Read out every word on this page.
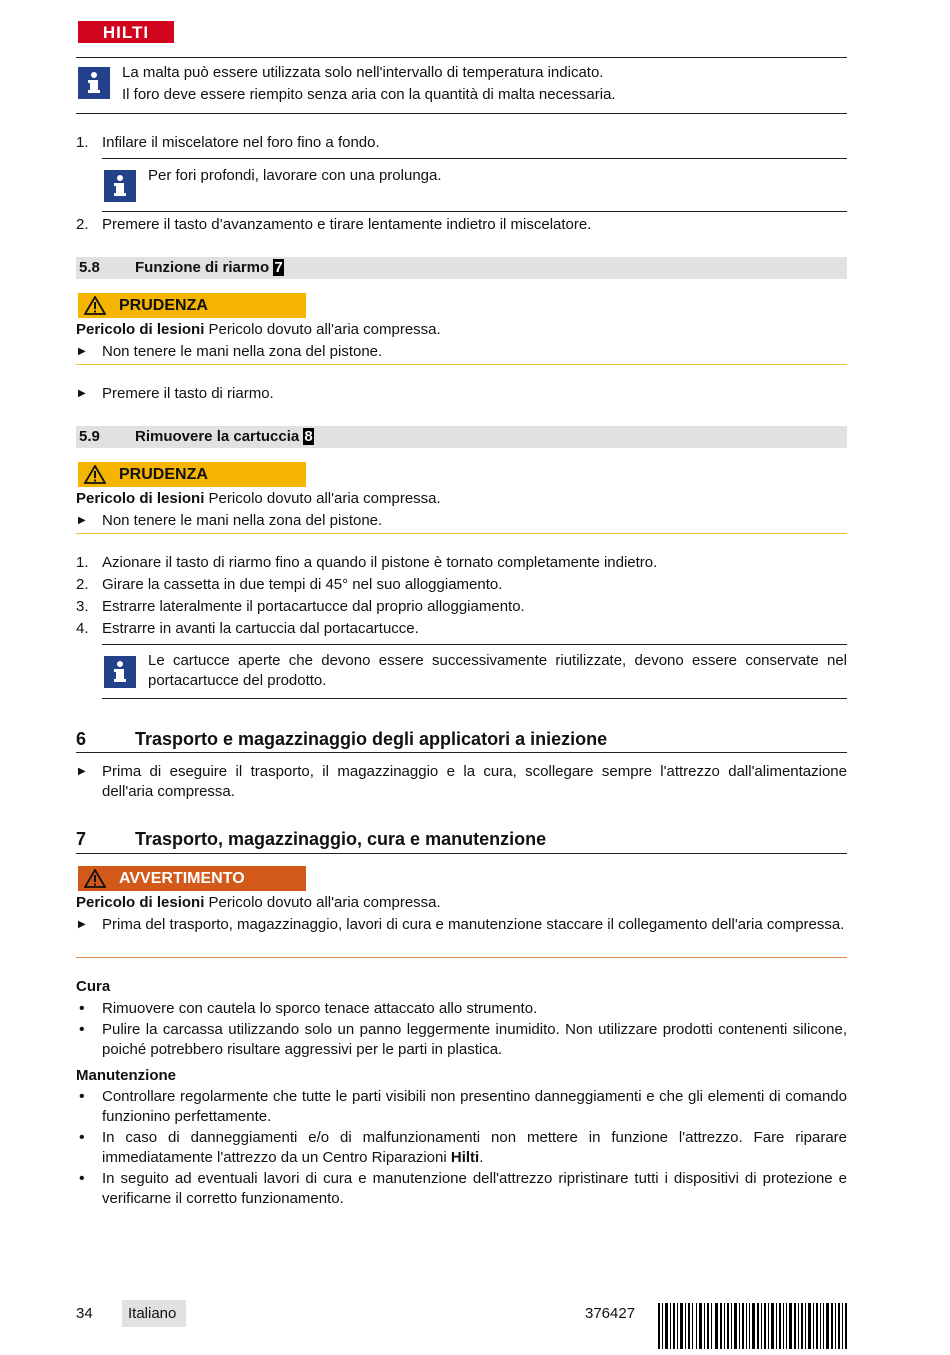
HILTI
La malta può essere utilizzata solo nell'intervallo di temperatura indicato.
Il foro deve essere riempito senza aria con la quantità di malta necessaria.
1. Infilare il miscelatore nel foro fino a fondo.
Per fori profondi, lavorare con una prolunga.
2. Premere il tasto d’avanzamento e tirare lentamente indietro il miscelatore.
5.8 Funzione di riarmo 7
PRUDENZA
Pericolo di lesioni Pericolo dovuto all'aria compressa.
▶ Non tenere le mani nella zona del pistone.
▶ Premere il tasto di riarmo.
5.9 Rimuovere la cartuccia 8
PRUDENZA
Pericolo di lesioni Pericolo dovuto all'aria compressa.
▶ Non tenere le mani nella zona del pistone.
1. Azionare il tasto di riarmo fino a quando il pistone è tornato completamente indietro.
2. Girare la cassetta in due tempi di 45° nel suo alloggiamento.
3. Estrarre lateralmente il portacartucce dal proprio alloggiamento.
4. Estrarre in avanti la cartuccia dal portacartucce.
Le cartucce aperte che devono essere successivamente riutilizzate, devono essere conservate nel portacartucce del prodotto.
6	Trasporto e magazzinaggio degli applicatori a iniezione
▶ Prima di eseguire il trasporto, il magazzinaggio e la cura, scollegare sempre l'attrezzo dall'alimentazione dell'aria compressa.
7	Trasporto, magazzinaggio, cura e manutenzione
AVVERTIMENTO
Pericolo di lesioni Pericolo dovuto all'aria compressa.
▶ Prima del trasporto, magazzinaggio, lavori di cura e manutenzione staccare il collegamento dell'aria compressa.
Cura
• Rimuovere con cautela lo sporco tenace attaccato allo strumento.
• Pulire la carcassa utilizzando solo un panno leggermente inumidito. Non utilizzare prodotti contenenti silicone, poiché potrebbero risultare aggressivi per le parti in plastica.
Manutenzione
• Controllare regolarmente che tutte le parti visibili non presentino danneggiamenti e che gli elementi di comando funzionino perfettamente.
• In caso di danneggiamenti e/o di malfunzionamenti non mettere in funzione l'attrezzo. Fare riparare immediatamente l'attrezzo da un Centro Riparazioni Hilti.
• In seguito ad eventuali lavori di cura e manutenzione dell'attrezzo ripristinare tutti i dispositivi di protezione e verificarne il corretto funzionamento.
34 Italiano	376427
